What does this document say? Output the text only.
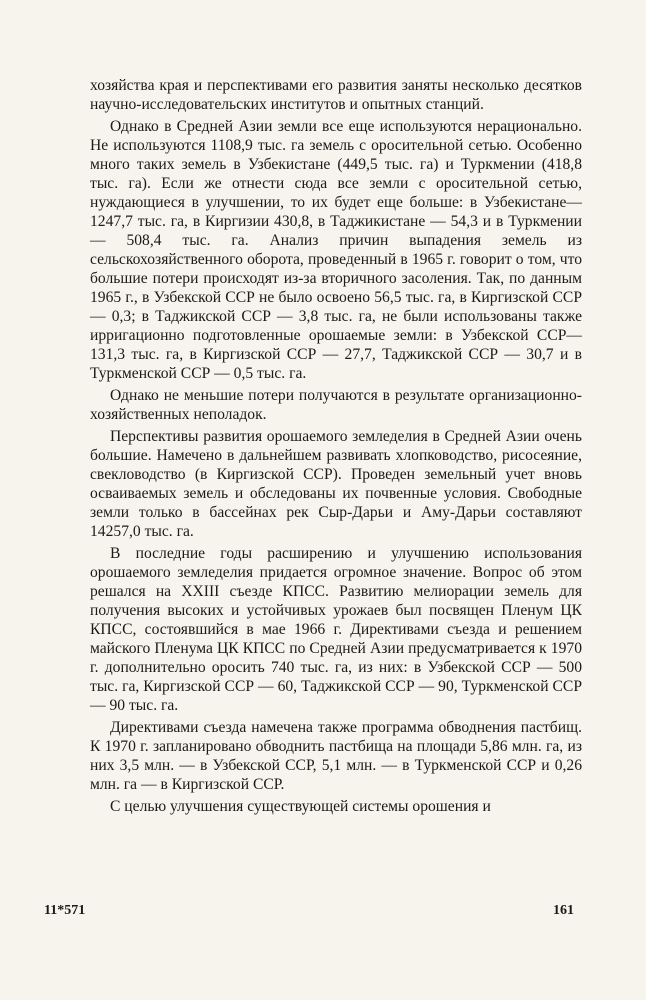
хозяйства края и перспективами его развития заняты несколько десятков научно-исследовательских институтов и опытных станций.

Однако в Средней Азии земли все еще используются нерационально. Не используются 1108,9 тыс. га земель с оросительной сетью. Особенно много таких земель в Узбекистане (449,5 тыс. га) и Туркмении (418,8 тыс. га). Если же отнести сюда все земли с оросительной сетью, нуждающиеся в улучшении, то их будет еще больше: в Узбекистане—1247,7 тыс. га, в Киргизии 430,8, в Таджикистане — 54,3 и в Туркмении — 508,4 тыс. га. Анализ причин выпадения земель из сельскохозяйственного оборота, проведенный в 1965 г. говорит о том, что большие потери происходят из-за вторичного засоления. Так, по данным 1965 г., в Узбекской ССР не было освоено 56,5 тыс. га, в Киргизской ССР — 0,3; в Таджикской ССР — 3,8 тыс. га, не были использованы также ирригационно подготовленные орошаемые земли: в Узбекской ССР—131,3 тыс. га, в Киргизской ССР — 27,7, Таджикской ССР — 30,7 и в Туркменской ССР — 0,5 тыс. га.

Однако не меньшие потери получаются в результате организационно-хозяйственных неполадок.

Перспективы развития орошаемого земледелия в Средней Азии очень большие. Намечено в дальнейшем развивать хлопководство, рисосеяние, свекловодство (в Киргизской ССР). Проведен земельный учет вновь осваиваемых земель и обследованы их почвенные условия. Свободные земли только в бассейнах рек Сыр-Дарьи и Аму-Дарьи составляют 14257,0 тыс. га.

В последние годы расширению и улучшению использования орошаемого земледелия придается огромное значение. Вопрос об этом решался на XXIII съезде КПСС. Развитию мелиорации земель для получения высоких и устойчивых урожаев был посвящен Пленум ЦК КПСС, состоявшийся в мае 1966 г. Директивами съезда и решением майского Пленума ЦК КПСС по Средней Азии предусматривается к 1970 г. дополнительно оросить 740 тыс. га, из них: в Узбекской ССР — 500 тыс. га, Киргизской ССР — 60, Таджикской ССР — 90, Туркменской ССР — 90 тыс. га.

Директивами съезда намечена также программа обводнения пастбищ. К 1970 г. запланировано обводнить пастбища на площади 5,86 млн. га, из них 3,5 млн. — в Узбекской ССР, 5,1 млн. — в Туркменской ССР и 0,26 млн. га — в Киргизской ССР.

С целью улучшения существующей системы орошения и

11*571	161
